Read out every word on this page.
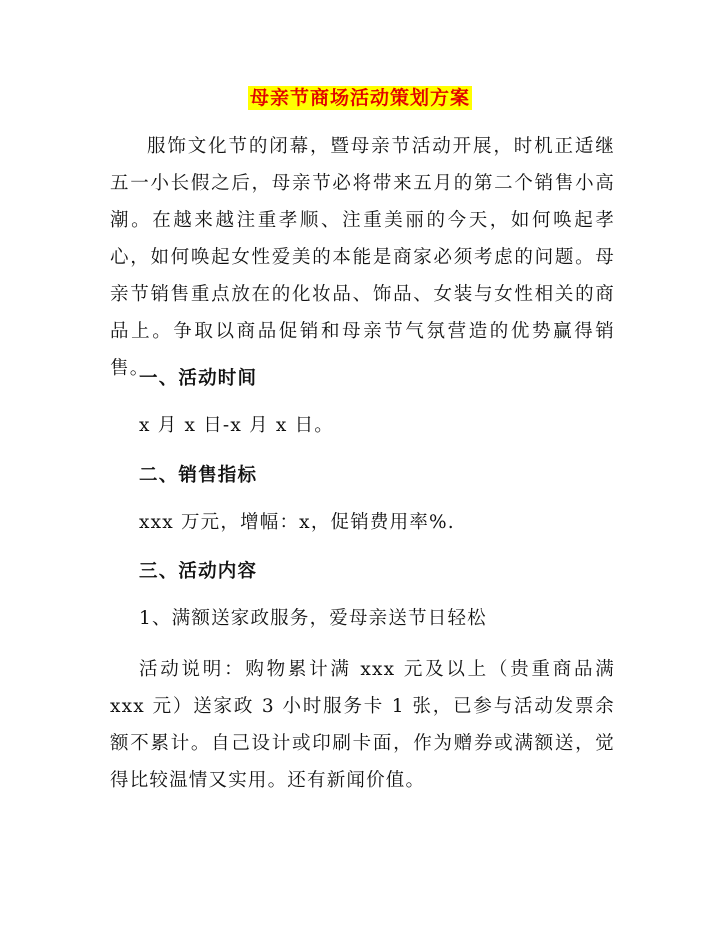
母亲节商场活动策划方案

服饰文化节的闭幕，暨母亲节活动开展，时机正适继五一小长假之后，母亲节必将带来五月的第二个销售小高潮。在越来越注重孝顺、注重美丽的今天，如何唤起孝心，如何唤起女性爱美的本能是商家必须考虑的问题。母亲节销售重点放在的化妆品、饰品、女装与女性相关的商品上。争取以商品促销和母亲节气氛营造的优势赢得销售。

一、活动时间
x 月 x 日-x 月 x 日。
二、销售指标
xxx 万元，增幅：x，促销费用率%.
三、活动内容
1、满额送家政服务，爱母亲送节日轻松

活动说明：购物累计满 xxx 元及以上（贵重商品满 xxx 元）送家政 3 小时服务卡 1 张，已参与活动发票余额不累计。自己设计或印刷卡面，作为赠券或满额送，觉得比较温情又实用。还有新闻价值。
